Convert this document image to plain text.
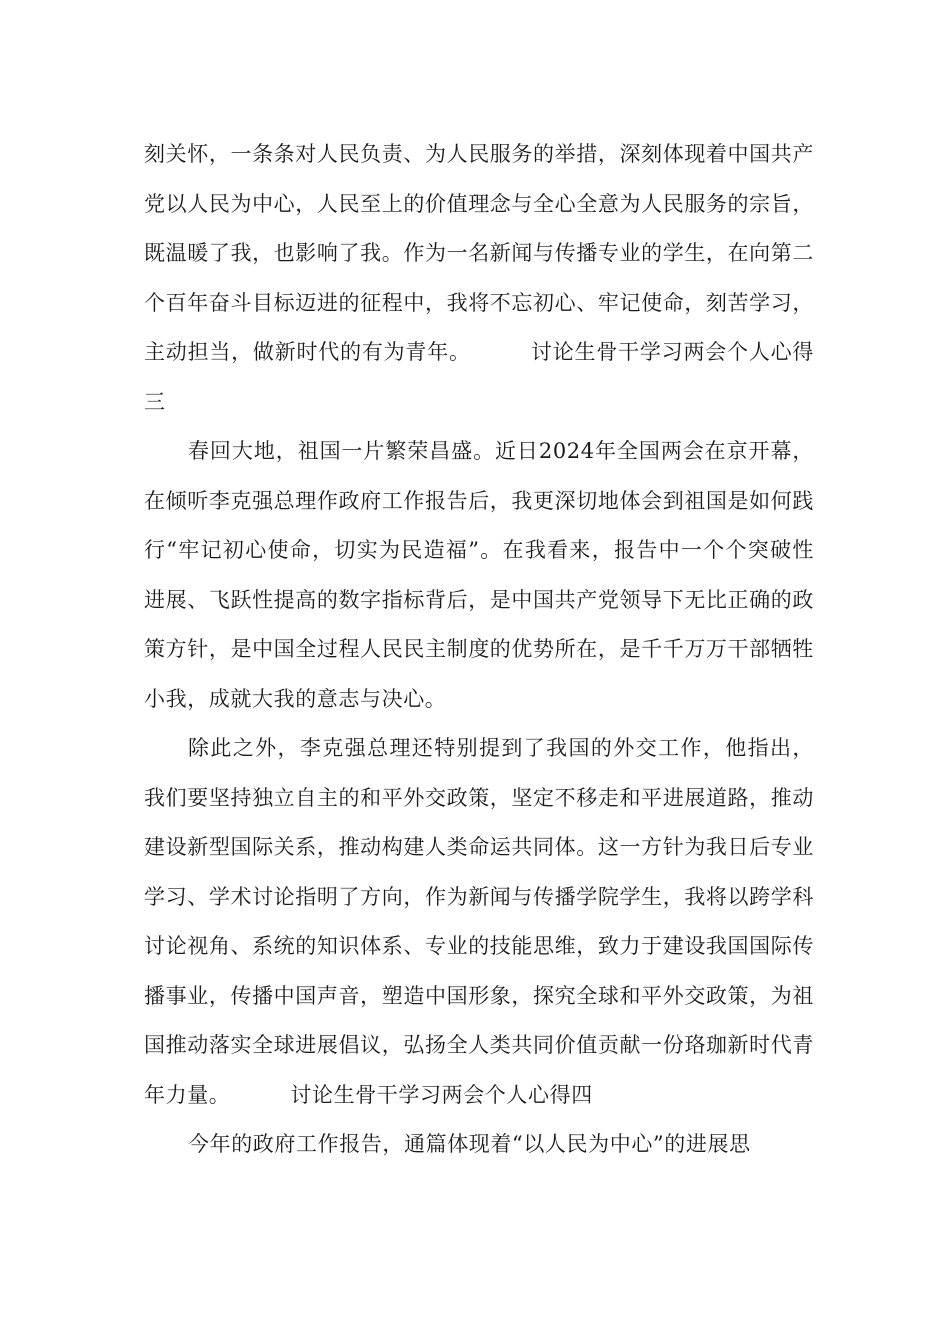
刻关怀，一条条对人民负责、为人民服务的举措，深刻体现着中国共产党以人民为中心，人民至上的价值理念与全心全意为人民服务的宗旨，既温暖了我，也影响了我。作为一名新闻与传播专业的学生，在向第二个百年奋斗目标迈进的征程中，我将不忘初心、牢记使命，刻苦学习，主动担当，做新时代的有为青年。	讨论生骨干学习两会个人心得三

春回大地，祖国一片繁荣昌盛。近日2024年全国两会在京开幕，在倾听李克强总理作政府工作报告后，我更深切地体会到祖国是如何践行“牢记初心使命，切实为民造福”。在我看来，报告中一个个突破性进展、飞跃性提高的数字指标背后，是中国共产党领导下无比正确的政策方针，是中国全过程人民民主制度的优势所在，是千千万万干部牺牲小我，成就大我的意志与决心。

除此之外，李克强总理还特别提到了我国的外交工作，他指出，我们要坚持独立自主的和平外交政策，坚定不移走和平进展道路，推动建设新型国际关系，推动构建人类命运共同体。这一方针为我日后专业学习、学术讨论指明了方向，作为新闻与传播学院学生，我将以跨学科讨论视角、系统的知识体系、专业的技能思维，致力于建设我国国际传播事业，传播中国声音，塑造中国形象，探究全球和平外交政策，为祖国推动落实全球进展倡议，弘扬全人类共同价值贡献一份珞珈新时代青年力量。	讨论生骨干学习两会个人心得四

今年的政府工作报告，通篇体现着“以人民为中心”的进展思
